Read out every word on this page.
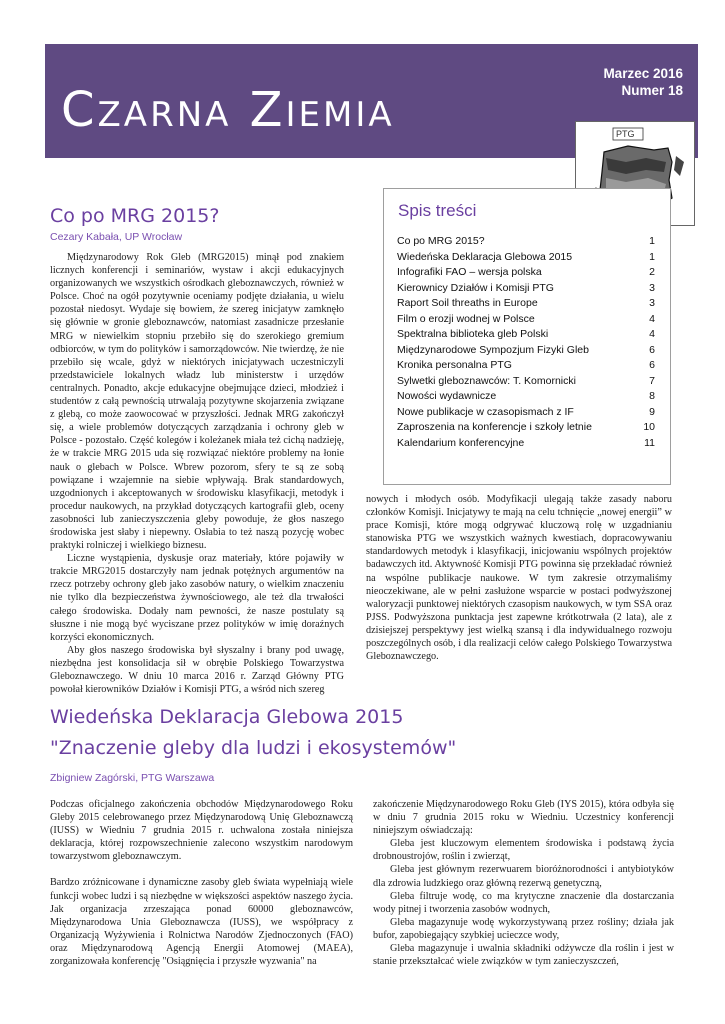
Czarna Ziemia
Marzec 2016
Numer 18
PTG
Spis treści
Co po MRG 2015?	1
Wiedeńska Deklaracja Glebowa 2015	1
Infografiki FAO – wersja polska	2
Kierownicy Działów i Komisji PTG	3
Raport Soil threaths in Europe	3
Film o erozji wodnej w Polsce	4
Spektralna biblioteka gleb Polski	4
Międzynarodowe Sympozjum Fizyki Gleb	6
Kronika personalna PTG	6
Sylwetki gleboznawców: T. Komornicki	7
Nowości wydawnicze	8
Nowe publikacje w czasopismach z IF	9
Zaproszenia na konferencje i szkoły letnie	10
Kalendarium konferencyjne	11
Co po MRG 2015?
Cezary Kabała, UP Wrocław

Międzynarodowy Rok Gleb (MRG2015) minął pod znakiem licznych konferencji i seminariów, wystaw i akcji edukacyjnych organizowanych we wszystkich ośrodkach gleboznawczych, również w Polsce. Choć na ogół pozytywnie oceniamy podjęte działania, u wielu pozostał niedosyt. Wydaje się bowiem, że szereg inicjatyw zamknęło się głównie w gronie gleboznawców, natomiast zasadnicze przesłanie MRG w niewielkim stopniu przebiło się do szerokiego gremium odbiorców, w tym do polityków i samorządowców. Nie twierdzę, że nie przebiło się wcale, gdyż w niektórych inicjatywach uczestniczyli przedstawiciele lokalnych władz lub ministerstw i urzędów centralnych. Ponadto, akcje edukacyjne obejmujące dzieci, młodzież i studentów z całą pewnością utrwalają pozytywne skojarzenia związane z glebą, co może zaowocować w przyszłości. Jednak MRG zakończył się, a wiele problemów dotyczących zarządzania i ochrony gleb w Polsce - pozostało. Część kolegów i koleżanek miała też cichą nadzieję, że w trakcie MRG 2015 uda się rozwiązać niektóre problemy na łonie nauk o glebach w Polsce. Wbrew pozorom, sfery te są ze sobą powiązane i wzajemnie na siebie wpływają. Brak standardowych, uzgodnionych i akceptowanych w środowisku klasyfikacji, metodyk i procedur naukowych, na przykład dotyczących kartografii gleb, oceny zasobności lub zanieczyszczenia gleby powoduje, że głos naszego środowiska jest słaby i niepewny. Osłabia to też naszą pozycję wobec praktyki rolniczej i wielkiego biznesu.

Liczne wystąpienia, dyskusje oraz materiały, które pojawiły w trakcie MRG2015 dostarczyły nam jednak potężnych argumentów na rzecz potrzeby ochrony gleb jako zasobów natury, o wielkim znaczeniu nie tylko dla bezpieczeństwa żywnościowego, ale też dla trwałości całego środowiska. Dodały nam pewności, że nasze postulaty są słuszne i nie mogą być wyciszane przez polityków w imię doraźnych korzyści ekonomicznych.

Aby głos naszego środowiska był słyszalny i brany pod uwagę, niezbędna jest konsolidacja sił w obrębie Polskiego Towarzystwa Gleboznawczego. W dniu 10 marca 2016 r. Zarząd Główny PTG powołał kierowników Działów i Komisji PTG, a wśród nich szereg

nowych i młodych osób. Modyfikacji ulegają także zasady naboru członków Komisji. Inicjatywy te mają na celu tchnięcie „nowej energii” w prace Komisji, które mogą odgrywać kluczową rolę w uzgadnianiu stanowiska PTG we wszystkich ważnych kwestiach, dopracowywaniu standardowych metodyk i klasyfikacji, inicjowaniu wspólnych projektów badawczych itd. Aktywność Komisji PTG powinna się przekładać również na wspólne publikacje naukowe. W tym zakresie otrzymaliśmy nieoczekiwane, ale w pełni zasłużone wsparcie w postaci podwyższonej waloryzacji punktowej niektórych czasopism naukowych, w tym SSA oraz PJSS. Podwyższona punktacja jest zapewne krótkotrwała (2 lata), ale z dzisiejszej perspektywy jest wielką szansą i dla indywidualnego rozwoju poszczególnych osób, i dla realizacji celów całego Polskiego Towarzystwa Gleboznawczego.

Wiedeńska Deklaracja Glebowa 2015
"Znaczenie gleby dla ludzi i ekosystemów"
Zbigniew Zagórski, PTG Warszawa

Podczas oficjalnego zakończenia obchodów Międzynarodowego Roku Gleby 2015 celebrowanego przez Międzynarodową Unię Gleboznawczą (IUSS) w Wiedniu 7 grudnia 2015 r. uchwalona została niniejsza deklaracja, której rozpowszechnienie zalecono wszystkim narodowym towarzystwom gleboznawczym.

Bardzo zróżnicowane i dynamiczne zasoby gleb świata wypełniają wiele funkcji wobec ludzi i są niezbędne w większości aspektów naszego życia. Jak organizacja zrzeszająca ponad 60000 gleboznawców, Międzynarodowa Unia Gleboznawcza (IUSS), we współpracy z Organizacją Wyżywienia i Rolnictwa Narodów Zjednoczonych (FAO) oraz Międzynarodową Agencją Energii Atomowej (MAEA), zorganizowała konferencję "Osiągnięcia i przyszłe wyzwania" na

zakończenie Międzynarodowego Roku Gleb (IYS 2015), która odbyła się w dniu 7 grudnia 2015 roku w Wiedniu. Uczestnicy konferencji niniejszym oświadczają:

Gleba jest kluczowym elementem środowiska i podstawą życia drobnoustrojów, roślin i zwierząt,

Gleba jest głównym rezerwuarem bioróżnorodności i antybiotyków dla zdrowia ludzkiego oraz główną rezerwą genetyczną,

Gleba filtruje wodę, co ma krytyczne znaczenie dla dostarczania wody pitnej i tworzenia zasobów wodnych,

Gleba magazynuje wodę wykorzystywaną przez rośliny; działa jak bufor, zapobiegający szybkiej ucieczce wody,

Gleba magazynuje i uwalnia składniki odżywcze dla roślin i jest w stanie przekształcać wiele związków w tym zanieczyszczeń,
